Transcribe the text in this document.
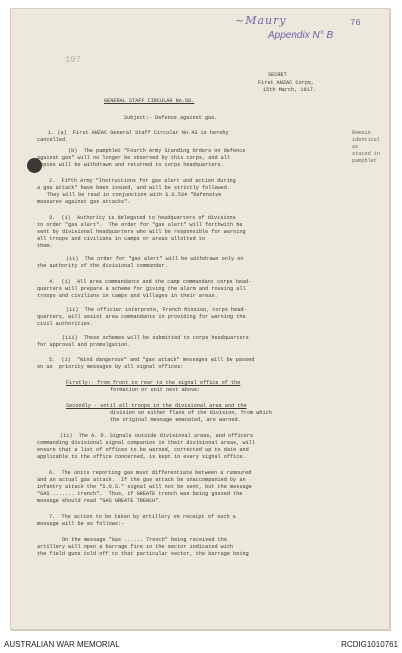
~Maury	76
Appendix N° B
107
SECRET
First ANZAC Corps,
15th March, 1917.
GENERAL STAFF CIRCULAR No.58.
Subject:- Defence against gas.
1. (a)  First ANZAC General Staff Circular No.43 is hereby
cancelled.
(b)  The pamphlet "Fourth Army Standing Orders on defence
against gas" will no longer be observed by this corps, and all
copies will be withdrawn and returned to corps headquarters.
2.  Fifth Army "Instructions for gas alert and action during
a gas attack" have been issued, and will be strictly followed.
They will be read in conjunction with S.S.534 "Defensive
measures against gas attacks".
3.  (i)  Authority is delegated to headquarters of divisions
to order "gas alert".  The order for "gas alert" will forthwith be
sent by divisional headquarters who will be responsible for warning
all troops and civilians in camps or areas allotted to
them.
(ii)  The order for "gas alert" will be withdrawn only on
the authority of the divisional commander.
4.  (i)  All area commandants and the camp commandant corps head-
quarters will prepare a scheme for giving the alarm and rousing all
troops and civilians in camps and villages in their areas.
(ii)  The officier interprete, French Mission, corps head-
quarters, will assist area commandants in providing for warning the
civil authorities.
(iii)  These schemes will be submitted to corps headquarters
for approval and promulgation.
5.  (i)  "Wind dangerous" and "gas attack" messages will be passed
on as  priority messages by all signal offices:
Firstly:- from front to rear to the signal office of the
formation or unit next above:
Secondly - until all troops in the divisional area and the
division on either flank of the division, from which
the original message emanated, are warned.
(ii)  The A. D. Signals outside divisional areas, and officers
commanding divisional signal companies in their divisional areas, will
ensure that a list of offices to be warned, corrected up to date and
applicable to the office concerned, is kept in every signal office.
6.  The units reporting gas must differentiate between a rumoured
and an actual gas attack.  If the gas attack be unaccompanied by an
infantry attack the "S.O.S." signal will not be sent, but the message
"GAS ....... trench".  Thus, if GREATE trench was being gassed the
message should read "GAS GREATE TRENCH".
7.  The action to be taken by artillery on receipt of such a
message will be as follows:-
On the message "Gas ...... Trench" being received the
artillery will open a barrage fire in the sector indicated with
the field guns told off to that particular sector, the barrage being
Remain
identical
as
stated in
pamphlet
AUSTRALIAN WAR MEMORIAL	RCDIG1010761
